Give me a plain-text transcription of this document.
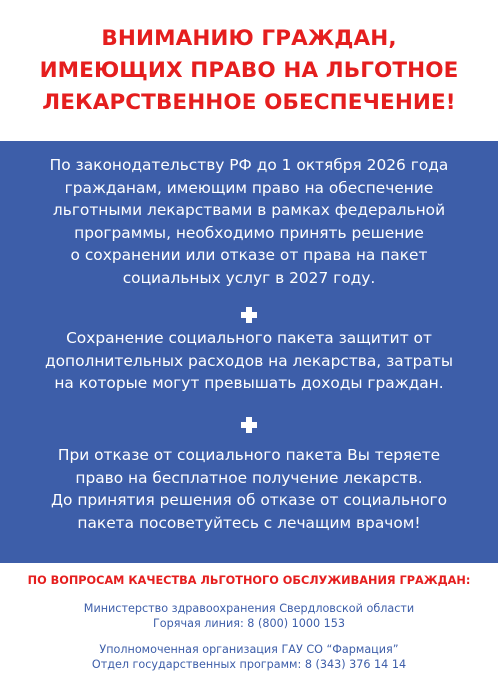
ВНИМАНИЮ ГРАЖДАН,
ИМЕЮЩИХ ПРАВО НА ЛЬГОТНОЕ
ЛЕКАРСТВЕННОЕ ОБЕСПЕЧЕНИЕ!
По законодательству РФ до 1 октября 2026 года
гражданам, имеющим право на обеспечение
льготными лекарствами в рамках федеральной
программы, необходимо принять решение
о сохранении или отказе от права на пакет
социальных услуг в 2027 году.
Сохранение социального пакета защитит от
дополнительных расходов на лекарства, затраты
на которые могут превышать доходы граждан.
При отказе от социального пакета Вы теряете
право на бесплатное получение лекарств.
До принятия решения об отказе от социального
пакета посоветуйтесь с лечащим врачом!
ПО ВОПРОСАМ КАЧЕСТВА ЛЬГОТНОГО ОБСЛУЖИВАНИЯ ГРАЖДАН:
Министерство здравоохранения Свердловской области
Горячая линия: 8 (800) 1000 153
Уполномоченная организация ГАУ СО “Фармация”
Отдел государственных программ: 8 (343) 376 14 14
